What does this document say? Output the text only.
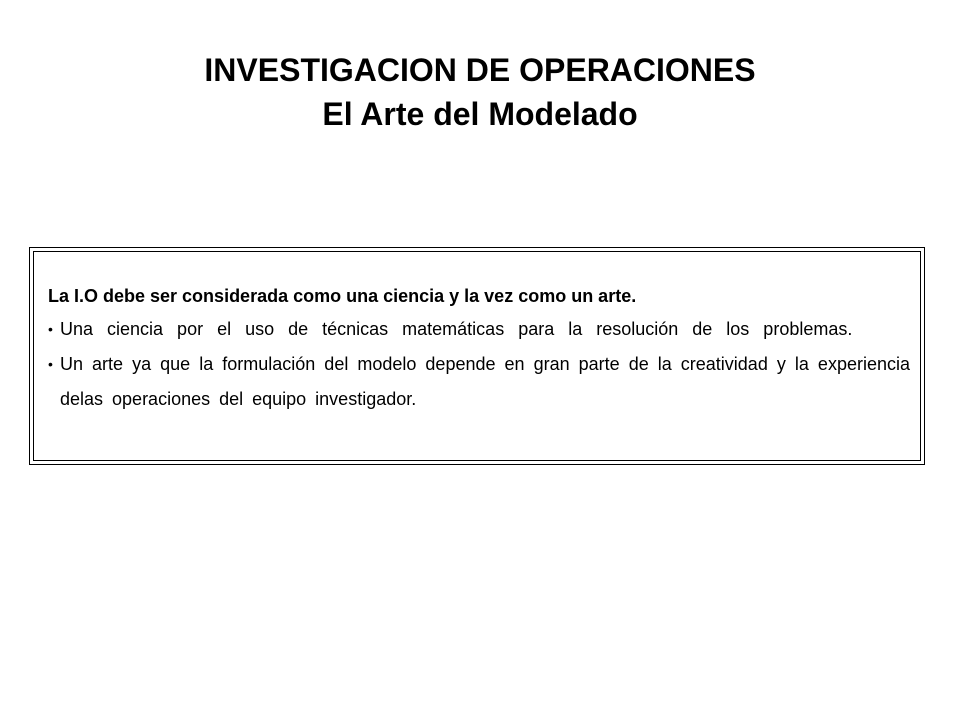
INVESTIGACION DE OPERACIONES
El Arte del Modelado

La I.O debe ser considerada como una ciencia y la vez como un arte.

• Una ciencia por el uso de técnicas matemáticas para la resolución de los problemas.
• Un arte ya que la formulación del modelo depende en gran parte de la creatividad y la experiencia delas operaciones del equipo investigador.
